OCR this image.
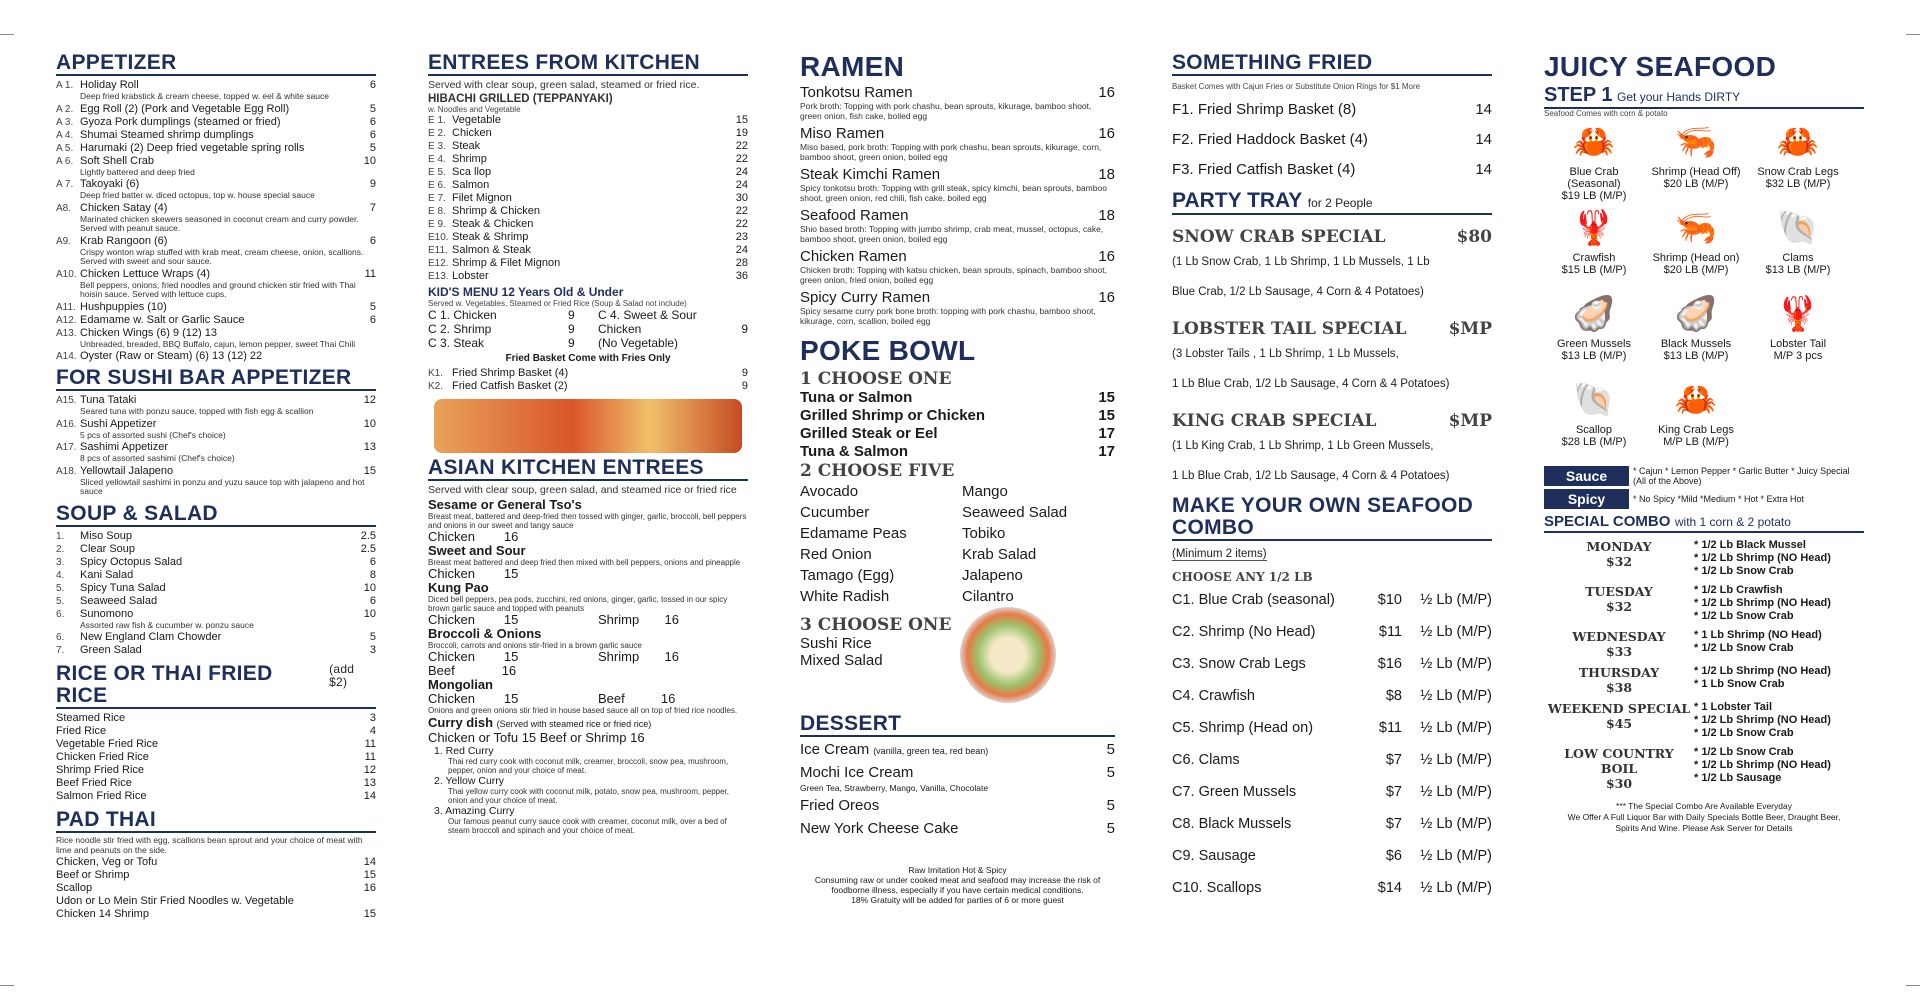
APPETIZER
A 1. Holiday Roll	6
Deep fried krabstick & cream cheese, topped w. eel & white sauce
A 2. Egg Roll (2) (Pork and Vegetable Egg Roll)	5
A 3. Gyoza Pork dumplings (steamed or fried)	6
A 4. Shumai Steamed shrimp dumplings	6
A 5. Harumaki (2) Deep fried vegetable spring rolls	5
A 6. Soft Shell Crab	10
Lightly battered and deep fried
A 7. Takoyaki (6)	9
Deep fried batter w. diced octopus, top w. house special sauce
A8. Chicken Satay (4)	7
Marinated chicken skewers seasoned in coconut cream and curry powder. Served with peanut sauce.
A9. Krab Rangoon (6)	6
Crispy wonton wrap stuffed with krab meat, cream cheese, onion, scallions. Served with sweet and sour sauce.
A10. Chicken Lettuce Wraps (4)	11
Bell peppers, onions, fried noodles and ground chicken stir fried with Thai hoisin sauce. Served with lettuce cups.
A11. Hushpuppies (10)	5
A12. Edamame w. Salt or Garlic Sauce	6
A13. Chicken Wings (6) 9 (12) 13
Unbreaded, breaded, BBQ Buffalo, cajun, lemon pepper, sweet Thai Chili
A14. Oyster (Raw or Steam) (6) 13 (12) 22
FOR SUSHI BAR APPETIZER
A15. Tuna Tataki	12
Seared tuna with ponzu sauce, topped with fish egg & scallion
A16. Sushi Appetizer	10
5 pcs of assorted sushi (Chef's choice)
A17. Sashimi Appetizer	13
8 pcs of assorted sashimi (Chef's choice)
A18. Yellowtail Jalapeno	15
Sliced yellowtail sashimi in ponzu and yuzu sauce top with jalapeno and hot sauce
SOUP & SALAD
1.	Miso Soup	2.5
2.	Clear Soup	2.5
3.	Spicy Octopus Salad	6
4.	Kani Salad	8
5.	Spicy Tuna Salad	10
5.	Seaweed Salad	6
6.	Sunomono	10
Assorted raw fish & cucumber w. ponzu sauce
6.	New England Clam Chowder	5
7.	Green Salad	3
RICE OR THAI FRIED RICE
(add $2)
Steamed Rice	3
Fried Rice	4
Vegetable Fried Rice	11
Chicken Fried Rice	11
Shrimp Fried Rice	12
Beef Fried Rice	13
Salmon Fried Rice	14
PAD THAI
Rice noodle stir fried with egg, scallions bean sprout and your choice of meat with lime and peanuts on the side.
Chicken, Veg or Tofu	14
Beef or Shrimp	15
Scallop	16
Udon or Lo Mein Stir Fried Noodles w. Vegetable
Chicken 14 Shrimp	15
ENTREES FROM KITCHEN
Served with clear soup, green salad, steamed or fried rice.
HIBACHI GRILLED (TEPPANYAKI)
w. Noodles and Vegetable
E 1. Vegetable	15
E 2. Chicken	19
E 3. Steak	22
E 4. Shrimp	22
E 5. Sca llop	24
E 6. Salmon	24
E 7. Filet Mignon	30
E 8. Shrimp & Chicken	22
E 9. Steak & Chicken	22
E10. Steak & Shrimp	23
E11. Salmon & Steak	24
E12. Shrimp & Filet Mignon	28
E13. Lobster	36
KID'S MENU 12 Years Old & Under
Served w. Vegetables, Steamed or Fried Rice (Soup & Salad not include)
C 1. Chicken	9	C 4. Sweet & Sour
C 2. Shrimp	9	Chicken	9
C 3. Steak	9	(No Vegetable)
Fried Basket Come with Fries Only
K1. Fried Shrimp Basket (4)	9
K2. Fried Catfish Basket (2)	9
ASIAN KITCHEN ENTREES
Served with clear soup, green salad, and steamed rice or fried rice
Sesame or General Tso's
Breast meat, battered and deep-fried then tossed with ginger, garlic, broccoli, bell peppers and onions in our sweet and tangy sauce
Chicken        16
Sweet and Sour
Breast meat battered and deep fried then mixed with bell peppers, onions and pineapple
Chicken        15
Kung Pao
Diced bell peppers, pea pods, zucchini, red onions, ginger, garlic, tossed in our spicy brown garlic sauce and topped with peanuts
Chicken        15	Shrimp       16
Broccoli & Onions
Broccoli, carrots and onions stir-fried in a brown garlic sauce
Chicken        15	Shrimp       16
Beef             16
Mongolian
Chicken        15	Beef          16
Onions and green onions stir fried in house based sauce all on top of fried rice noodles.
Curry dish (Served with steamed rice or fried rice)
Chicken or Tofu 15 Beef or Shrimp 16
1. Red Curry
Thai red curry cook with coconut milk, creamer, broccoli, snow pea, mushroom, pepper, onion and your choice of meat.
2. Yellow Curry
Thai yellow curry cook with coconut milk, potato, snow pea, mushroom, pepper, onion and your choice of meat.
3. Amazing Curry
Our famous peanut curry sauce cook with creamer, coconut milk, over a bed of steam broccoli and spinach and your choice of meat.
RAMEN
Tonkotsu Ramen	16
Pork broth: Topping with pork chashu, bean sprouts, kikurage, bamboo shoot, green onion, fish cake, boiled egg
Miso Ramen	16
Miso based, pork broth: Topping with pork chashu, bean sprouts, kikurage, corn, bamboo shoot, green onion, boiled egg
Steak Kimchi Ramen	18
Spicy tonkotsu broth: Topping with grill steak, spicy kimchi, bean sprouts, bamboo shoot, green onion, red chili, fish cake, boiled egg
Seafood Ramen	18
Shio based broth: Topping with jumbo shrimp, crab meat, mussel, octopus, cake, bamboo shoot, green onion, boiled egg
Chicken Ramen	16
Chicken broth: Topping with katsu chicken, bean sprouts, spinach, bamboo shoot, green onion, fried onion, boiled egg
Spicy Curry Ramen	16
Spicy sesame curry pork bone broth: topping with pork chashu, bamboo shoot, kikurage, corn, scallion, boiled egg
POKE BOWL
1 CHOOSE ONE
Tuna or Salmon	15
Grilled Shrimp or Chicken	15
Grilled Steak or Eel	17
Tuna & Salmon	17
2 CHOOSE FIVE
Avocado
Cucumber
Edamame Peas
Red Onion
Tamago (Egg)
White Radish
Mango
Seaweed Salad
Tobiko
Krab Salad
Jalapeno
Cilantro
3 CHOOSE ONE
Sushi Rice
Mixed Salad
DESSERT
Ice Cream (vanilla, green tea, red bean)	5
Mochi Ice Cream	5
Green Tea, Strawberry, Mango, Vanilla, Chocolate
Fried Oreos	5
New York Cheese Cake	5
Raw Imitation Hot & Spicy
Consuming raw or under cooked meat and seafood may increase the risk of
foodborne illness, especially if you have certain medical conditions.
18% Gratuity will be added for parties of 6 or more guest
SOMETHING FRIED
Basket Comes with Cajun Fries or Substitute Onion Rings for $1 More
F1. Fried Shrimp Basket (8)	14
F2. Fried Haddock Basket (4)	14
F3. Fried Catfish Basket (4)	14
PARTY TRAY for 2 People
SNOW CRAB SPECIAL	$80
(1 Lb Snow Crab, 1 Lb Shrimp, 1 Lb Mussels, 1 Lb
Blue Crab, 1/2 Lb Sausage, 4 Corn & 4 Potatoes)
LOBSTER TAIL SPECIAL $MP
(3 Lobster Tails , 1 Lb Shrimp, 1 Lb Mussels,
1 Lb Blue Crab, 1/2 Lb Sausage, 4 Corn & 4 Potatoes)
KING CRAB SPECIAL	$MP
(1 Lb King Crab, 1 Lb Shrimp, 1 Lb Green Mussels,
1 Lb Blue Crab, 1/2 Lb Sausage, 4 Corn & 4 Potatoes)
MAKE YOUR OWN SEAFOOD COMBO
(Minimum 2 items)
CHOOSE ANY 1/2 LB
C1. Blue Crab (seasonal)	$10	½ Lb (M/P)
C2. Shrimp (No Head)	$11	½ Lb (M/P)
C3. Snow Crab Legs	$16	½ Lb (M/P)
C4. Crawfish	$8	½ Lb (M/P)
C5. Shrimp (Head on)	$11	½ Lb (M/P)
C6. Clams	$7	½ Lb (M/P)
C7. Green Mussels	$7	½ Lb (M/P)
C8. Black Mussels	$7	½ Lb (M/P)
C9. Sausage	$6	½ Lb (M/P)
C10. Scallops	$14	½ Lb (M/P)
JUICY SEAFOOD
STEP 1 Get your Hands DIRTY
Seafood Comes with corn & potato
🦀
Blue Crab (Seasonal)
$19 LB (M/P)
🦐
Shrimp (Head Off)
$20 LB (M/P)
🦀
Snow Crab Legs
$32 LB (M/P)
🦞
Crawfish
$15 LB (M/P)
🦐
Shrimp (Head on)
$20 LB (M/P)
🐚
Clams
$13 LB (M/P)
🦪
Green Mussels
$13 LB (M/P)
🦪
Black Mussels
$13 LB (M/P)
🦞
Lobster Tail
M/P 3 pcs
🐚
Scallop
$28 LB (M/P)
🦀
King Crab Legs
M/P LB (M/P)
Sauce	* Cajun * Lemon Pepper * Garlic Butter * Juicy Special (All of the Above)
Spicy	* No Spicy *Mild *Medium * Hot * Extra Hot
SPECIAL COMBO with 1 corn & 2 potato
MONDAY
$32
* 1/2 Lb Black Mussel
* 1/2 Lb Shrimp (NO Head)
* 1/2 Lb Snow Crab
TUESDAY
$32
* 1/2 Lb Crawfish
* 1/2 Lb Shrimp (NO Head)
* 1/2 Lb Snow Crab
WEDNESDAY
$33
* 1 Lb Shrimp (NO Head)
* 1/2 Lb Snow Crab
THURSDAY
$38
* 1/2 Lb Shrimp (NO Head)
* 1 Lb Snow Crab
WEEKEND SPECIAL
$45
* 1 Lobster Tail
* 1/2 Lb Shrimp (NO Head)
* 1/2 Lb Snow Crab
LOW COUNTRY BOIL
$30
* 1/2 Lb Snow Crab
* 1/2 Lb Shrimp (NO Head)
* 1/2 Lb Sausage
*** The Special Combo Are Available Everyday
We Offer A Full Liquor Bar with Daily Specials Bottle Beer, Draught Beer,
Spirits And Wine. Please Ask Server for Details
